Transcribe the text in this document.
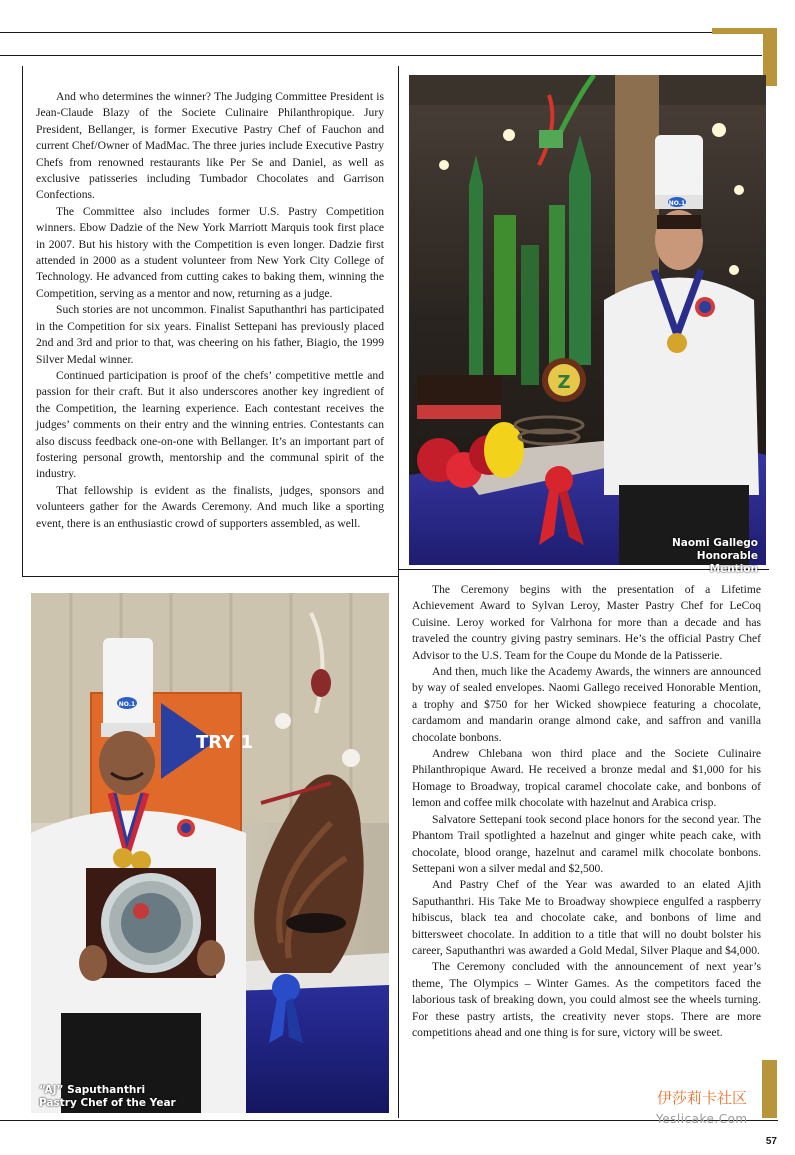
And who determines the winner? The Judging Committee President is Jean-Claude Blazy of the Societe Culinaire Philanthropique. Jury President, Bellanger, is former Executive Pastry Chef of Fauchon and current Chef/Owner of MadMac. The three juries include Executive Pastry Chefs from renowned restaurants like Per Se and Daniel, as well as exclusive patisseries including Tumbador Chocolates and Garrison Confections.

The Committee also includes former U.S. Pastry Competition winners. Ebow Dadzie of the New York Marriott Marquis took first place in 2007. But his history with the Competition is even longer. Dadzie first attended in 2000 as a student volunteer from New York City College of Technology. He advanced from cutting cakes to baking them, winning the Competition, serving as a mentor and now, returning as a judge.

Such stories are not uncommon. Finalist Saputhanthri has participated in the Competition for six years. Finalist Settepani has previously placed 2nd and 3rd and prior to that, was cheering on his father, Biagio, the 1999 Silver Medal winner.

Continued participation is proof of the chefs’ competitive mettle and passion for their craft. But it also underscores another key ingredient of the Competition, the learning experience. Each contestant receives the judges’ comments on their entry and the winning entries. Contestants can also discuss feedback one-on-one with Bellanger. It’s an important part of fostering personal growth, mentorship and the communal spirit of the industry.

That fellowship is evident as the finalists, judges, sponsors and volunteers gather for the Awards Ceremony. And much like a sporting event, there is an enthusiastic crowd of supporters assembled, as well.

The Ceremony begins with the presentation of a Lifetime Achievement Award to Sylvan Leroy, Master Pastry Chef for LeCoq Cuisine. Leroy worked for Valrhona for more than a decade and has traveled the country giving pastry seminars. He’s the official Pastry Chef Advisor to the U.S. Team for the Coupe du Monde de la Patisserie.

And then, much like the Academy Awards, the winners are announced by way of sealed envelopes. Naomi Gallego received Honorable Mention, a trophy and $750 for her Wicked showpiece featuring a chocolate, cardamom and mandarin orange almond cake, and saffron and vanilla chocolate bonbons.

Andrew Chlebana won third place and the Societe Culinaire Philanthropique Award. He received a bronze medal and $1,000 for his Homage to Broadway, tropical caramel chocolate cake, and bonbons of lemon and coffee milk chocolate with hazelnut and Arabica crisp.

Salvatore Settepani took second place honors for the second year. The Phantom Trail spotlighted a hazelnut and ginger white peach cake, with chocolate, blood orange, hazelnut and caramel milk chocolate bonbons. Settepani won a silver medal and $2,500.

And Pastry Chef of the Year was awarded to an elated Ajith Saputhanthri. His Take Me to Broadway showpiece engulfed a raspberry hibiscus, black tea and chocolate cake, and bonbons of lime and bittersweet chocolate. In addition to a title that will no doubt bolster his career, Saputhanthri was awarded a Gold Medal, Silver Plaque and $4,000.

The Ceremony concluded with the announcement of next year’s theme, The Olympics – Winter Games. As the competitors faced the laborious task of breaking down, you could almost see the wheels turning. For these pastry artists, the creativity never stops. There are more competitions ahead and one thing is for sure, victory will be sweet.

Z
NO.1
Naomi Gallego
Honorable Mention
TRY 1
NO.1
“AJ” Saputhanthri
Pastry Chef of the Year	伊莎莉卡社区
Yeslicake.Com
57
